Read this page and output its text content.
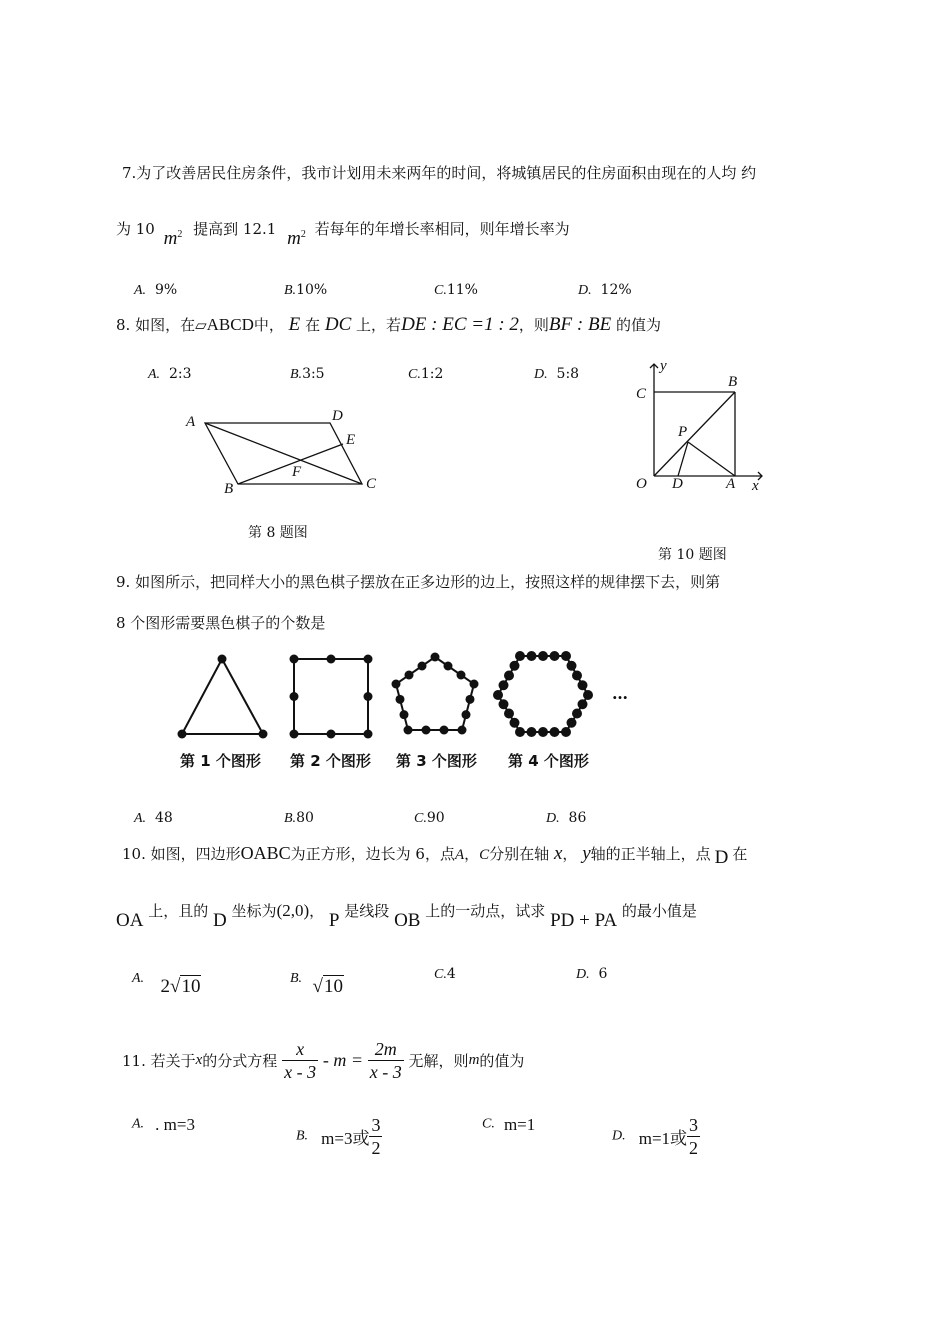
7.为了改善居民住房条件，我市计划用未来两年的时间，将城镇居民的住房面积由现在的人均 约
为 10 $m^2$ 提高到 12.1 $m^2$ 若每年的年增长率相同，则年增长率为
A. 9%	B.10%	C.11%	D. 12%
8. 如图，在▱ABCD中， E 在 DC 上，若DE : EC =1 : 2，则BF : BE 的值为
A. 2:3	B.3:5	C.1:2	D. 5:8
A	D
E
F
B	C
第 8 题图
y
C
B
P
O D	A x
第 10 题图
9. 如图所示，把同样大小的黑色棋子摆放在正多边形的边上，按照这样的规律摆下去，则第
8 个图形需要黑色棋子的个数是
…
第 1 个图形 第 2 个图形 第 3 个图形 第 4 个图形
A. 48	B.80	C.90	D. 86
10. 如图，四边形OABC为正方形，边长为 6，点A，C分别在轴 x， y轴的正半轴上，点 D 在
OA 上，且的 D 坐标为(2,0)， P 是线段 OB 上的一动点，试求 PD + PA 的最小值是
A. 2√10	B. √10
C.4	D. 6
11. 若关于x的分式方程 $\frac{x}{x - 3} - m = \frac{2m}{x - 3}$ 无解，则m的值为
A. . m=3
B. m=3或 $\frac{3}{2}$	C. m=1
D. m=1或 $\frac{3}{2}$
